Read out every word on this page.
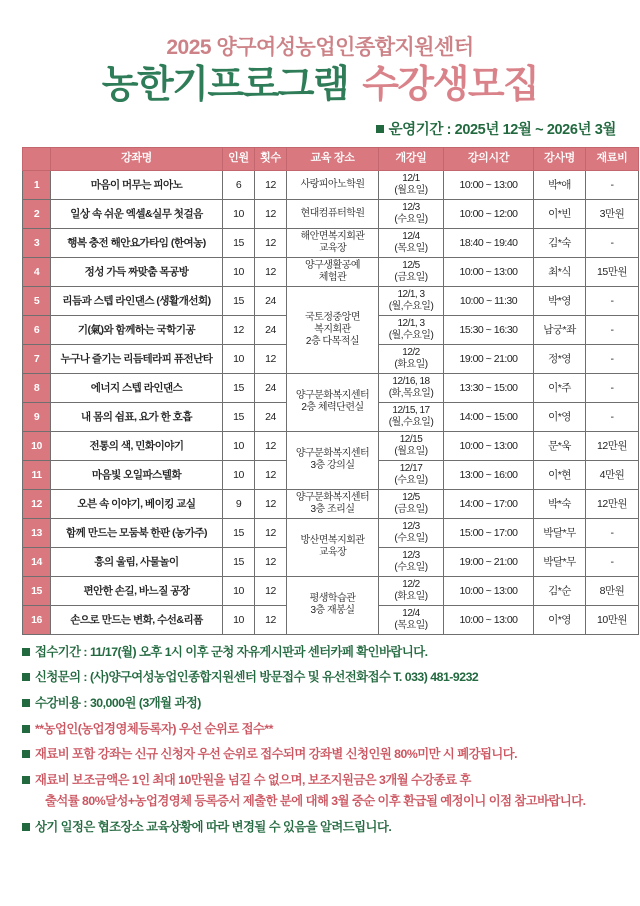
2025 양구여성농업인종합지원센터
농한기프로그램 수강생모집
운영기간 : 2025년 12월 ~ 2026년 3월
	강좌명	인원	횟수	교육 장소	개강일	강의시간	강사명	재료비
1	마음이 머무는 피아노	6	12	사랑피아노학원	12/1
(월요일)	10:00 ~ 13:00	박*애	-
2	일상 속 쉬운 엑셀&실무 첫걸음	10	12	현대컴퓨터학원	12/3
(수요일)	10:00 ~ 12:00	이*빈	3만원
3	행복 충전 해안요가타임 (한여농)	15	12	해안면복지회관
교육장	12/4
(목요일)	18:40 ~ 19:40	김*숙	-
4	정성 가득 짜맞춤 목공방	10	12	양구생활공예
체험관	12/5
(금요일)	10:00 ~ 13:00	최*식	15만원
5	리듬과 스텝 라인댄스 (생활개선회)	15	24	국토정중앙면
복지회관
2층 다목적실	12/1, 3
(월,수요일)	10:00 ~ 11:30	박*영	-
6	기(氣)와 함께하는 국학기공	12	24		12/1, 3
(월,수요일)	15:30 ~ 16:30	남궁*좌	-
7	누구나 즐기는 리듬테라피 퓨전난타	10	12		12/2
(화요일)	19:00 ~ 21:00	정*영	-
8	에너지 스텝 라인댄스	15	24	양구문화복지센터
2층 체력단련실	12/16, 18
(화,목요일)	13:30 ~ 15:00	이*주	-
9	내 몸의 쉼표, 요가 한 호흡	15	24		12/15, 17
(월,수요일)	14:00 ~ 15:00	이*영	-
10	전통의 색, 민화이야기	10	12	양구문화복지센터
3층 강의실	12/15
(월요일)	10:00 ~ 13:00	문*욱	12만원
11	마음빛 오일파스텔화	10	12		12/17
(수요일)	13:00 ~ 16:00	이*현	4만원
12	오븐 속 이야기, 베이킹 교실	9	12	양구문화복지센터
3층 조리실	12/5
(금요일)	14:00 ~ 17:00	박*숙	12만원
13	함께 만드는 모둠북 한판 (농가주)	15	12	방산면복지회관
교육장	12/3
(수요일)	15:00 ~ 17:00	박달*무	-
14	흥의 울림, 사물놀이	15	12		12/3
(수요일)	19:00 ~ 21:00	박달*무	-
15	편안한 손길, 바느질 공장	10	12	평생학습관
3층 재봉실	12/2
(화요일)	10:00 ~ 13:00	김*순	8만원
16	손으로 만드는 변화, 수선&리폼	10	12		12/4
(목요일)	10:00 ~ 13:00	이*영	10만원
접수기간 : 11/17(월) 오후 1시 이후 군청 자유게시판과 센터카페 확인바랍니다.
신청문의 : (사)양구여성농업인종합지원센터 방문접수 및 유선전화접수 T. 033) 481-9232
수강비용 : 30,000원 (3개월 과정)
**농업인(농업경영체등록자) 우선 순위로 접수**
재료비 포함 강좌는 신규 신청자 우선 순위로 접수되며 강좌별 신청인원 80%미만 시 폐강됩니다.
재료비 보조금액은 1인 최대 10만원을 넘길 수 없으며, 보조지원금은 3개월 수강종료 후
출석률 80%달성+농업경영체 등록증서 제출한 분에 대해 3월 중순 이후 환급될 예정이니 이점 참고바랍니다.
상기 일정은 협조장소 교육상황에 따라 변경될 수 있음을 알려드립니다.
